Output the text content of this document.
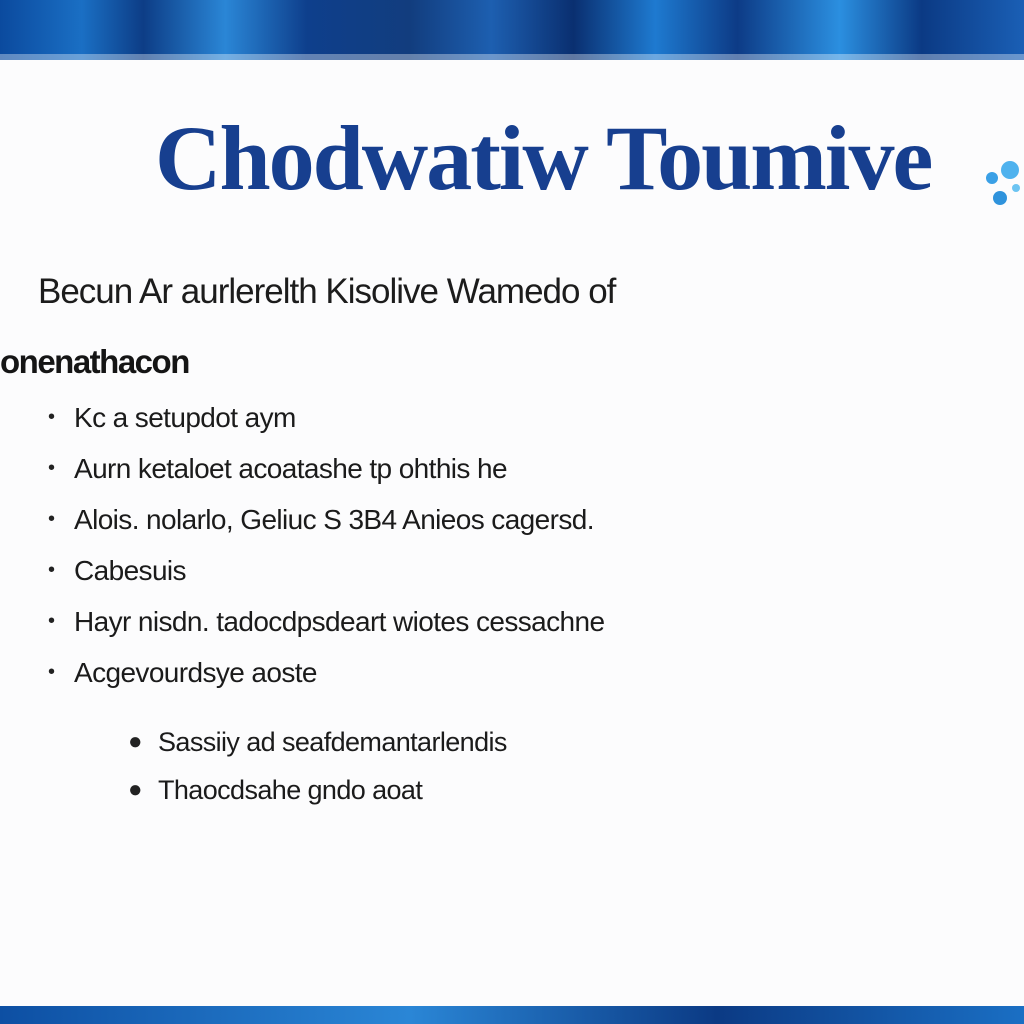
Chodwatiw Toumive
Becun Ar aurlerelth Kisolive Wamedo of
onenathacon
• Kc a setupdot aym
• Aurn ketaloet acoatashe tp ohthis he
• Alois. nolarlo, Geliuc S 3B4 Anieos cagersd.
• Cabesuis
• Hayr nisdn. tadocdpsdeart wiotes cessachne
• Acgevourdsye aoste
● Sassiiy ad seafdemantarlendis
● Thaocdsahe gndo aoat
